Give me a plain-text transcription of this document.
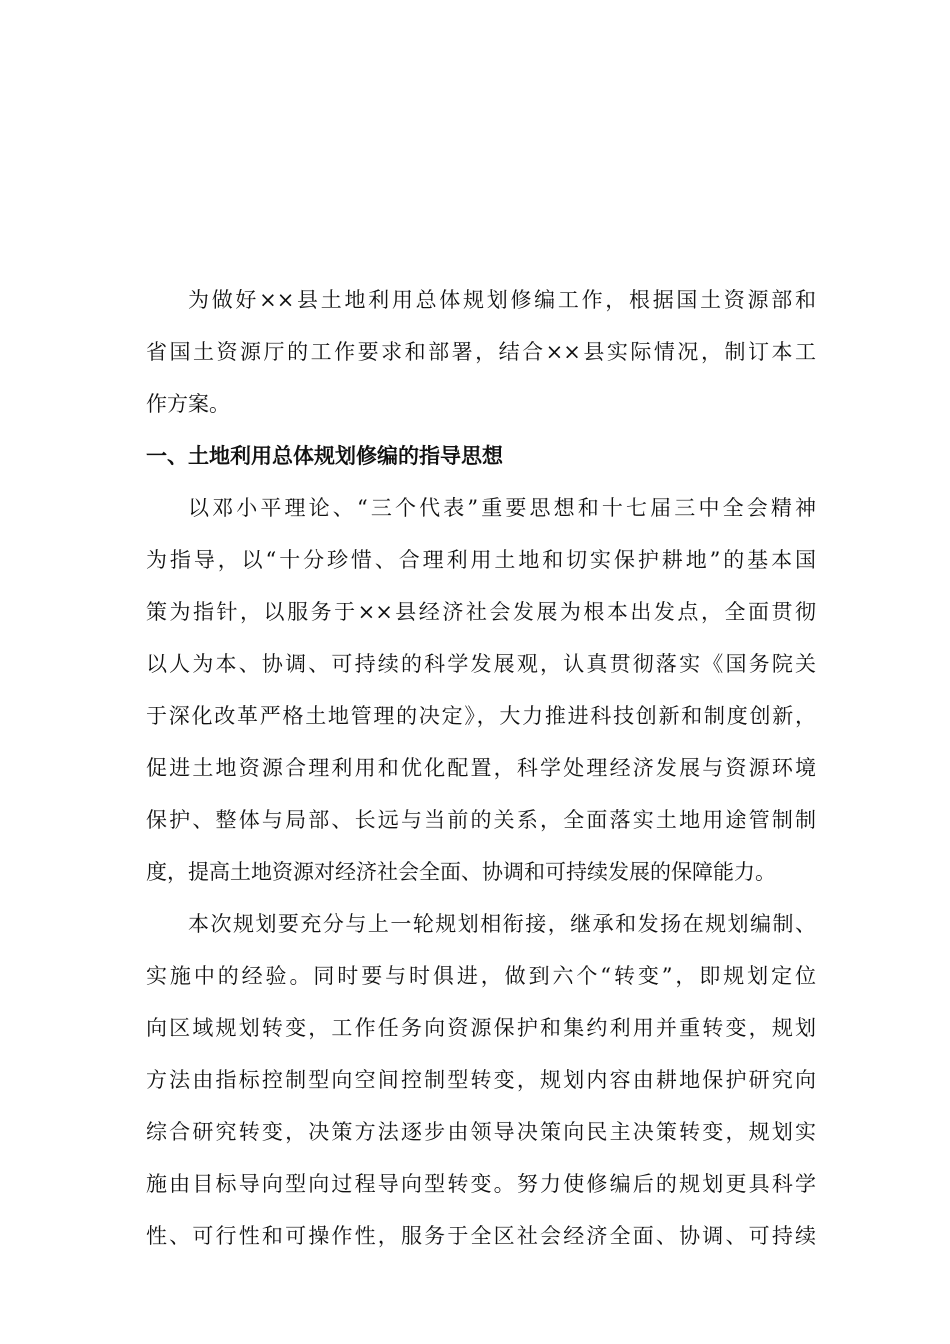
为做好××县土地利用总体规划修编工作，根据国土资源部和
省国土资源厅的工作要求和部署，结合××县实际情况，制订本工
作方案。
一、土地利用总体规划修编的指导思想
以邓小平理论、“三个代表”重要思想和十七届三中全会精神
为指导，以“十分珍惜、合理利用土地和切实保护耕地”的基本国
策为指针，以服务于××县经济社会发展为根本出发点，全面贯彻
以人为本、协调、可持续的科学发展观，认真贯彻落实《国务院关
于深化改革严格土地管理的决定》，大力推进科技创新和制度创新，
促进土地资源合理利用和优化配置，科学处理经济发展与资源环境
保护、整体与局部、长远与当前的关系，全面落实土地用途管制制
度，提高土地资源对经济社会全面、协调和可持续发展的保障能力。
本次规划要充分与上一轮规划相衔接，继承和发扬在规划编制、
实施中的经验。同时要与时俱进，做到六个“转变”，即规划定位
向区域规划转变，工作任务向资源保护和集约利用并重转变，规划
方法由指标控制型向空间控制型转变，规划内容由耕地保护研究向
综合研究转变，决策方法逐步由领导决策向民主决策转变，规划实
施由目标导向型向过程导向型转变。努力使修编后的规划更具科学
性、可行性和可操作性，服务于全区社会经济全面、协调、可持续
